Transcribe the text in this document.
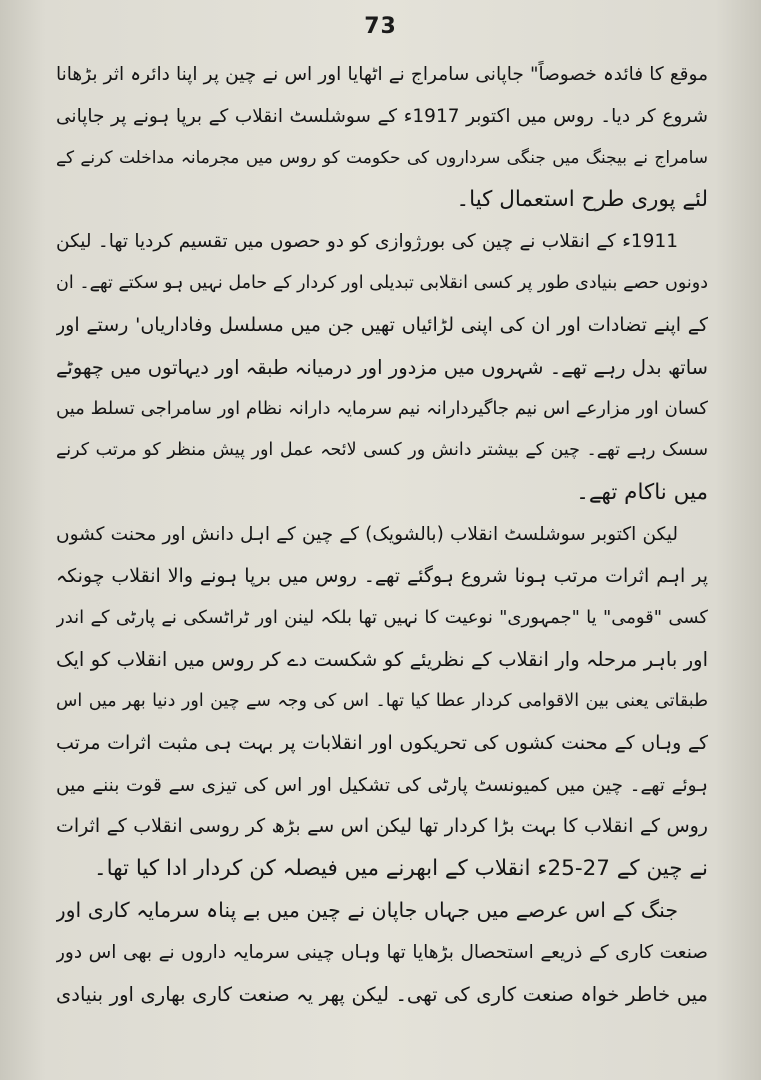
73
موقع کا فائدہ خصوصاً" جاپانی سامراج نے اٹھایا اور اس نے چین پر اپنا دائرہ اثر بڑھانا
شروع کر دیا۔ روس میں اکتوبر 1917ء کے سوشلسٹ انقلاب کے برپا ہونے پر جاپانی
سامراج نے بیجنگ میں جنگی سرداروں کی حکومت کو روس میں مجرمانہ مداخلت کرنے کے
لئے پوری طرح استعمال کیا۔
1911ء کے انقلاب نے چین کی بورژوازی کو دو حصوں میں تقسیم کردیا تھا۔ لیکن
دونوں حصے بنیادی طور پر کسی انقلابی تبدیلی اور کردار کے حامل نہیں ہو سکتے تھے۔ ان
کے اپنے تضادات اور ان کی اپنی لڑائیاں تھیں جن میں مسلسل وفاداریاں' رستے اور
ساتھ بدل رہے تھے۔ شہروں میں مزدور اور درمیانہ طبقہ اور دیہاتوں میں چھوٹے
کسان اور مزارعے اس نیم جاگیردارانہ نیم سرمایہ دارانہ نظام اور سامراجی تسلط میں
سسک رہے تھے۔ چین کے بیشتر دانش ور کسی لائحہ عمل اور پیش منظر کو مرتب کرنے
میں ناکام تھے۔
لیکن اکتوبر سوشلسٹ انقلاب (بالشویک) کے چین کے اہل دانش اور محنت کشوں
پر اہم اثرات مرتب ہونا شروع ہوگئے تھے۔ روس میں برپا ہونے والا انقلاب چونکہ
کسی "قومی" یا "جمہوری" نوعیت کا نہیں تھا بلکہ لینن اور ٹراٹسکی نے پارٹی کے اندر
اور باہر مرحلہ وار انقلاب کے نظریئے کو شکست دے کر روس میں انقلاب کو ایک
طبقاتی یعنی بین الاقوامی کردار عطا کیا تھا۔ اس کی وجہ سے چین اور دنیا بھر میں اس
کے وہاں کے محنت کشوں کی تحریکوں اور انقلابات پر بہت ہی مثبت اثرات مرتب
ہوئے تھے۔ چین میں کمیونسٹ پارٹی کی تشکیل اور اس کی تیزی سے قوت بننے میں
روس کے انقلاب کا بہت بڑا کردار تھا لیکن اس سے بڑھ کر روسی انقلاب کے اثرات
نے چین کے 27-25ء انقلاب کے ابھرنے میں فیصلہ کن کردار ادا کیا تھا۔
جنگ کے اس عرصے میں جہاں جاپان نے چین میں بے پناہ سرمایہ کاری اور
صنعت کاری کے ذریعے استحصال بڑھایا تھا وہاں چینی سرمایہ داروں نے بھی اس دور
میں خاطر خواہ صنعت کاری کی تھی۔ لیکن پھر یہ صنعت کاری بھاری اور بنیادی
